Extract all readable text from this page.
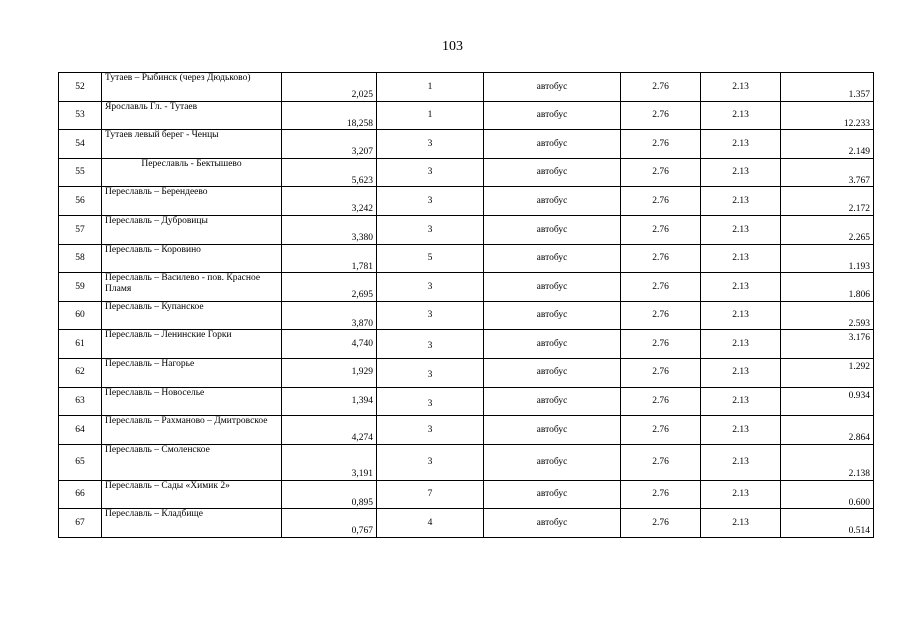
103
52	Тутаев – Рыбинск (через Дюдьково)	2,025	1	автобус	2.76	2.13	1.357
53	Ярославль Гл. - Тутаев	18,258	1	автобус	2.76	2.13	12.233
54	Тутаев левый берег - Ченцы	3,207	3	автобус	2.76	2.13	2.149
55	Переславль - Бектышево	5,623	3	автобус	2.76	2.13	3.767
56	Переславль – Берендеево	3,242	3	автобус	2.76	2.13	2.172
57	Переславль – Дубровицы	3,380	3	автобус	2.76	2.13	2.265
58	Переславль – Коровино	1,781	5	автобус	2.76	2.13	1.193
59	Переславль – Василево - пов. Красное Пламя	2,695	3	автобус	2.76	2.13	1.806
60	Переславль – Купанское	3,870	3	автобус	2.76	2.13	2.593
61	Переславль – Ленинские Горки	4,740	3	автобус	2.76	2.13	3.176
62	Переславль – Нагорье	1,929	3	автобус	2.76	2.13	1.292
63	Переславль – Новоселье	1,394	3	автобус	2.76	2.13	0.934
64	Переславль – Рахманово – Дмитровское	4,274	3	автобус	2.76	2.13	2.864
65	Переславль – Смоленское	3,191	3	автобус	2.76	2.13	2.138
66	Переславль – Сады «Химик 2»	0,895	7	автобус	2.76	2.13	0.600
67	Переславль – Кладбище	0,767	4	автобус	2.76	2.13	0.514
